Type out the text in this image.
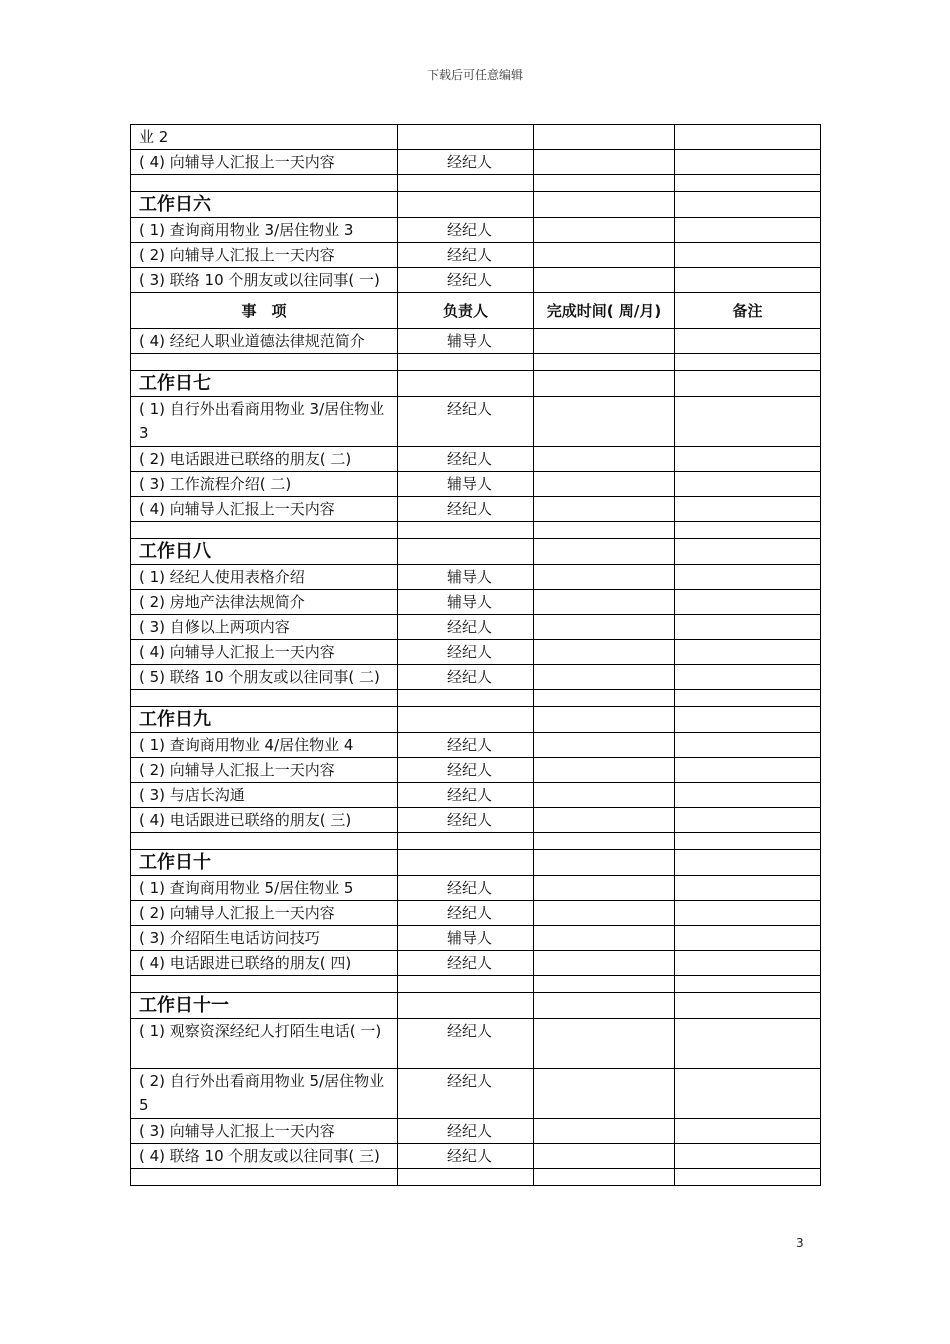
下载后可任意编辑
业 2			
( 4) 向辅导人汇报上一天内容	经纪人		

工作日六			
( 1) 查询商用物业 3/居住物业 3	经纪人		
( 2) 向辅导人汇报上一天内容	经纪人		
( 3) 联络 10 个朋友或以往同事( 一)	经纪人		
事　项	负责人	完成时间( 周/月)	备注
( 4) 经纪人职业道德法律规范简介	辅导人		

工作日七			
( 1) 自行外出看商用物业 3/居住物业 3	经纪人		
( 2) 电话跟进已联络的朋友( 二)	经纪人		
( 3) 工作流程介绍( 二)	辅导人		
( 4) 向辅导人汇报上一天内容	经纪人		

工作日八			
( 1) 经纪人使用表格介绍	辅导人		
( 2) 房地产法律法规简介	辅导人		
( 3) 自修以上两项内容	经纪人		
( 4) 向辅导人汇报上一天内容	经纪人		
( 5) 联络 10 个朋友或以往同事( 二)	经纪人		

工作日九			
( 1) 查询商用物业 4/居住物业 4	经纪人		
( 2) 向辅导人汇报上一天内容	经纪人		
( 3) 与店长沟通	经纪人		
( 4) 电话跟进已联络的朋友( 三)	经纪人		

工作日十			
( 1) 查询商用物业 5/居住物业 5	经纪人		
( 2) 向辅导人汇报上一天内容	经纪人		
( 3) 介绍陌生电话访问技巧	辅导人		
( 4) 电话跟进已联络的朋友( 四)	经纪人		

工作日十一			
( 1) 观察资深经纪人打陌生电话( 一)	经纪人		
( 2) 自行外出看商用物业 5/居住物业 5	经纪人		
( 3) 向辅导人汇报上一天内容	经纪人		
( 4) 联络 10 个朋友或以往同事( 三)	经纪人		

3
